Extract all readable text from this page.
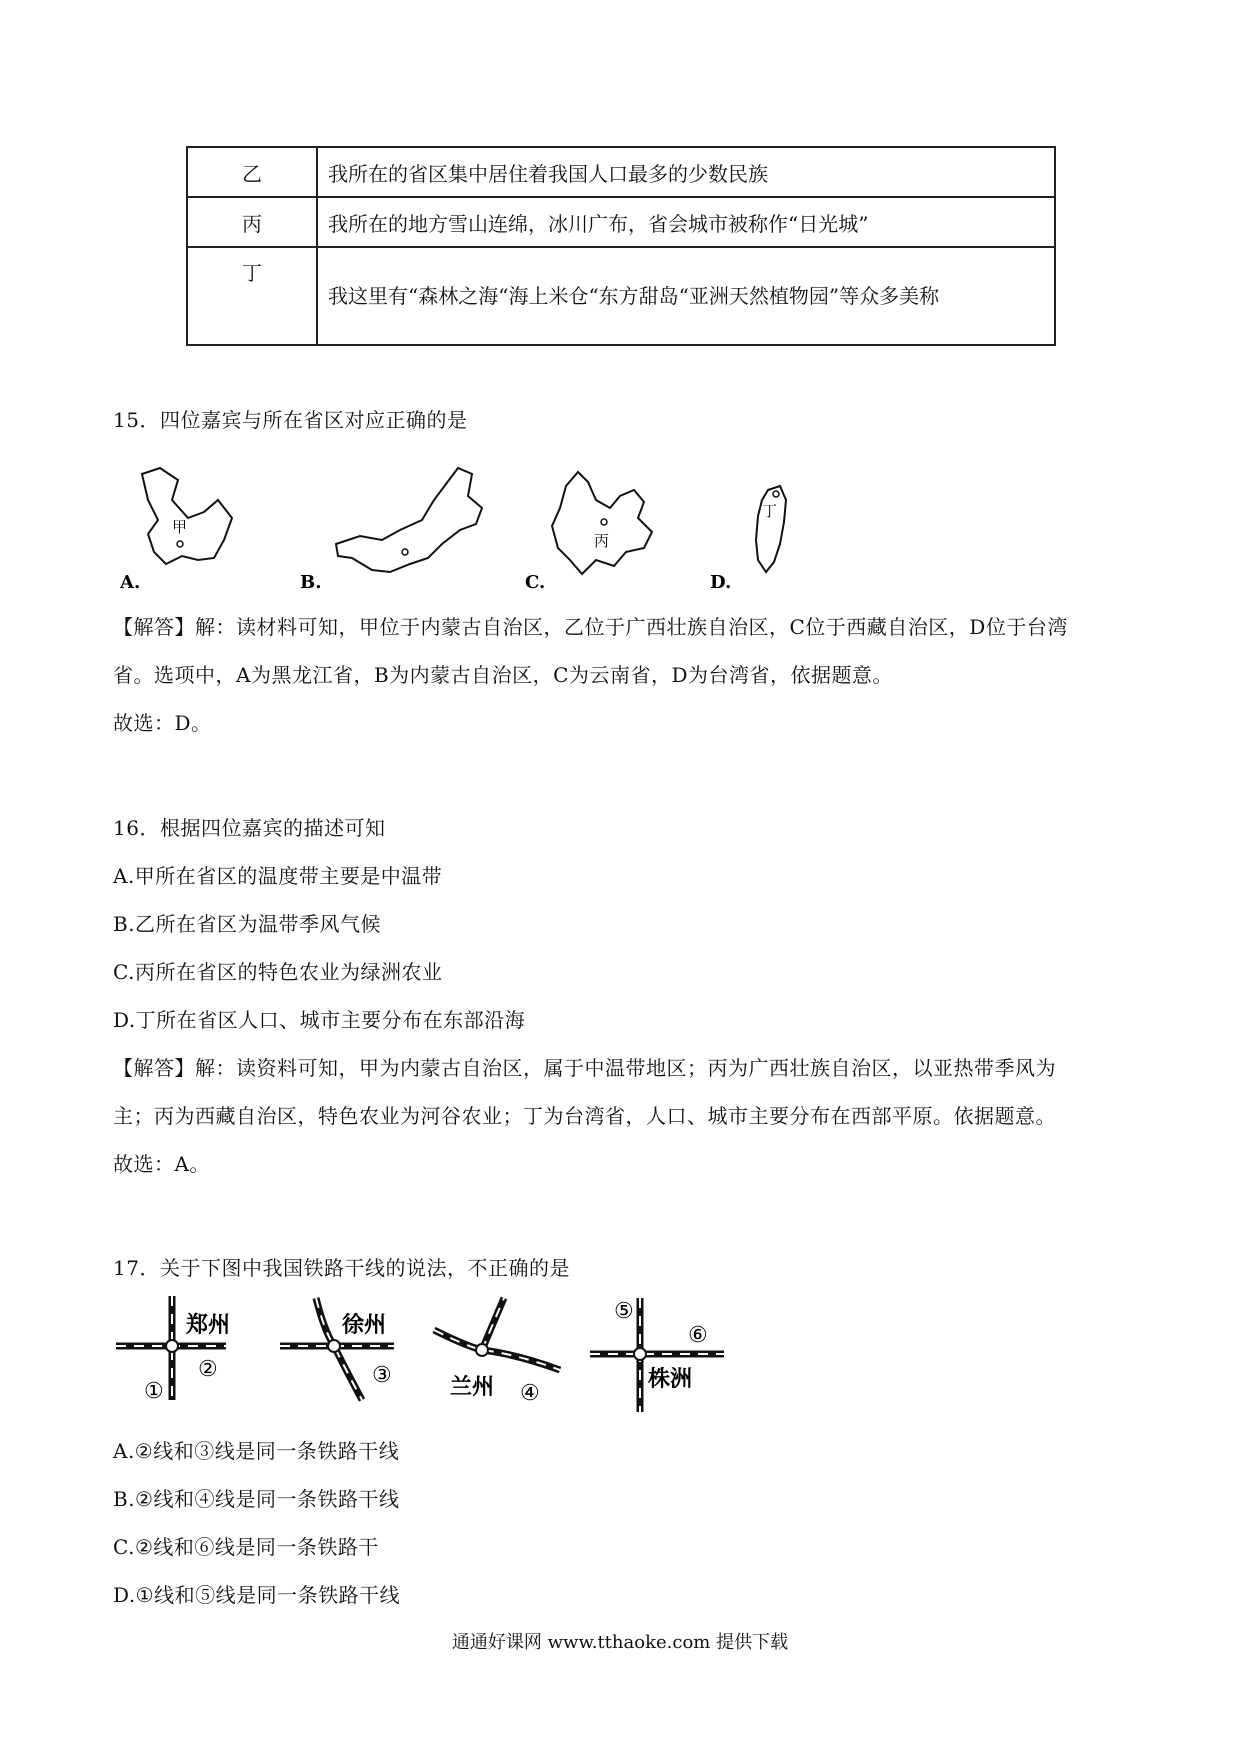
乙	我所在的省区集中居住着我国人口最多的少数民族
丙	我所在的地方雪山连绵，冰川广布，省会城市被称作“日光城”
丁	我这里有“森林之海“海上米仓“东方甜岛“亚洲天然植物园”等众多美称
15．四位嘉宾与所在省区对应正确的是
甲
A.	B.
丙
C.
丁
D.
【解答】解：读材料可知，甲位于内蒙古自治区，乙位于广西壮族自治区，C位于西藏自治区，D位于台湾
省。选项中，A为黑龙江省，B为内蒙古自治区，C为云南省，D为台湾省，依据题意。
故选：D。
16．根据四位嘉宾的描述可知
A.甲所在省区的温度带主要是中温带
B.乙所在省区为温带季风气候
C.丙所在省区的特色农业为绿洲农业
D.丁所在省区人口、城市主要分布在东部沿海
【解答】解：读资料可知，甲为内蒙古自治区，属于中温带地区；丙为广西壮族自治区，以亚热带季风为
主；丙为西藏自治区，特色农业为河谷农业；丁为台湾省，人口、城市主要分布在西部平原。依据题意。
故选：A。
17．关于下图中我国铁路干线的说法，不正确的是
郑州
①
②
徐州
③	兰州 ④
⑤
⑥
株洲
A.②线和③线是同一条铁路干线
B.②线和④线是同一条铁路干线
C.②线和⑥线是同一条铁路干
D.①线和⑤线是同一条铁路干线
通通好课网 www.tthaoke.com 提供下载
